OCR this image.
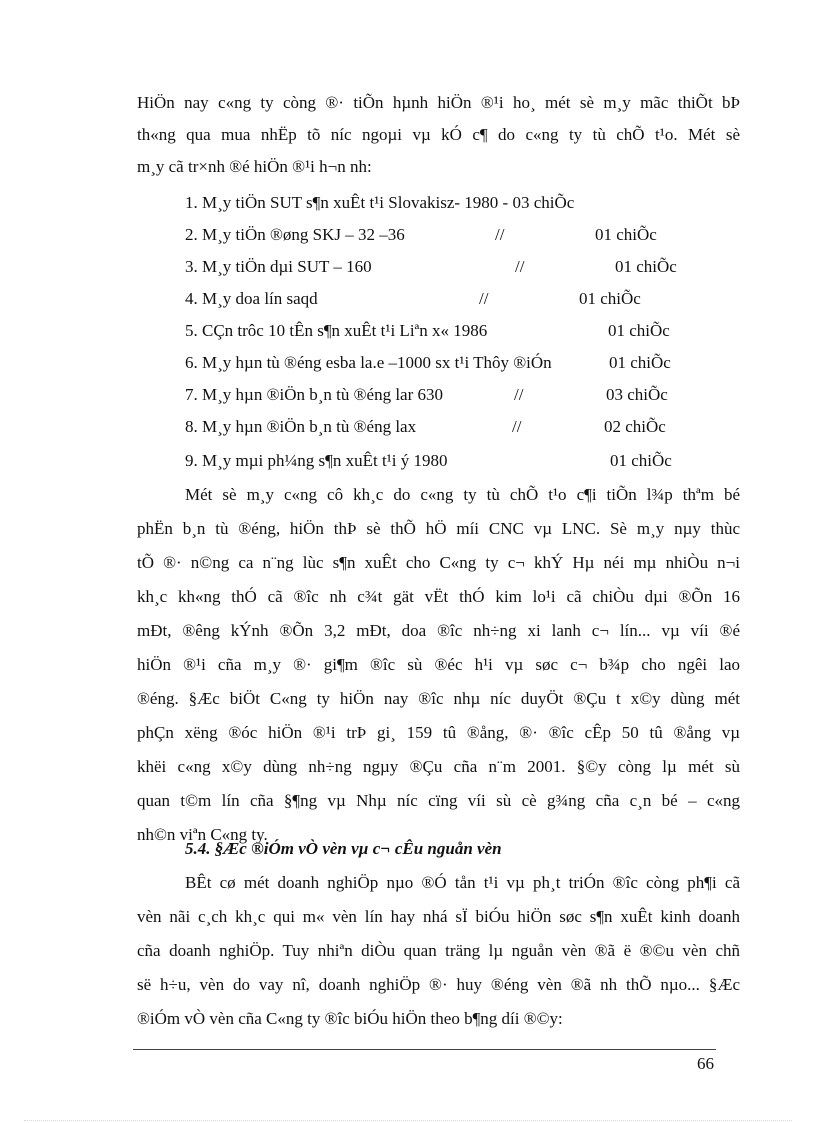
HiÖn nay c«ng ty còng ®· tiÕn hµnh hiÖn ®¹i ho¸ mét sè m¸y mãc thiÕt bÞ
th«ng qua mua nhËp tõ níc ngoµi vµ kÓ c¶ do c«ng ty tù chÕ t¹o. Mét sè
m¸y cã tr×nh ®é hiÖn ®¹i h¬n nh:
1. M¸y tiÖn SUT s¶n xuÊt t¹i Slovakisz- 1980 - 03 chiÕc
2. M¸y tiÖn ®øng SKJ – 32 –36	//	01 chiÕc
3. M¸y tiÖn dµi SUT – 160	//	01 chiÕc
4. M¸y doa lín saqd	//	01 chiÕc
5. CÇn trôc 10 tÊn s¶n xuÊt t¹i Liªn x« 1986	01 chiÕc
6. M¸y hµn tù ®éng esba la.e –1000 sx t¹i Thôy ®iÓn	01 chiÕc
7. M¸y hµn ®iÖn b¸n tù ®éng lar 630	//	03 chiÕc
8. M¸y hµn ®iÖn b¸n tù ®éng lax	//	02 chiÕc
9. M¸y mµi ph¼ng s¶n xuÊt t¹i ý 1980	01 chiÕc
Mét sè m¸y c«ng cô kh¸c do c«ng ty tù chÕ t¹o c¶i tiÕn l¾p thªm bé
phËn b¸n tù ®éng, hiÖn thÞ sè thÕ hÖ míi CNC vµ LNC. Sè m¸y nµy thùc
tÕ ®· n©ng ca n¨ng lùc s¶n xuÊt cho C«ng ty c¬ khÝ Hµ néi mµ nhiÒu n¬i
kh¸c kh«ng thÓ cã ®îc nh c¾t gät vËt thÓ kim lo¹i cã chiÒu dµi ®Õn 16
mÐt, ®êng kÝnh ®Õn 3,2 mÐt, doa ®îc nh÷ng xi lanh c¬ lín... vµ víi ®é
hiÖn ®¹i cña m¸y ®· gi¶m ®îc sù ®éc h¹i vµ søc c¬ b¾p cho ngêi lao
®éng. §Æc biÖt C«ng ty hiÖn nay ®îc nhµ níc duyÖt ®Çu t x©y dùng mét
phÇn xëng ®óc hiÖn ®¹i trÞ gi¸ 159 tû ®ång, ®· ®îc cÊp 50 tû ®ång vµ
khëi c«ng x©y dùng nh÷ng ngµy ®Çu cña n¨m 2001. §©y còng lµ mét sù
quan t©m lín cña §¶ng vµ Nhµ níc cïng víi sù cè g¾ng cña c¸n bé – c«ng
nh©n viªn C«ng ty.
5.4. §Æc ®iÓm vÒ vèn vµ c¬ cÊu nguån vèn
BÊt cø mét doanh nghiÖp nµo ®Ó tån t¹i vµ ph¸t triÓn ®îc còng ph¶i cã
vèn nãi c¸ch kh¸c qui m« vèn lín hay nhá sÏ biÓu hiÖn søc s¶n xuÊt kinh doanh
cña doanh nghiÖp. Tuy nhiªn diÒu quan träng lµ nguån vèn ®ã ë ®©u vèn chñ
së h÷u, vèn do vay nî, doanh nghiÖp ®· huy ®éng vèn ®ã nh thÕ nµo... §Æc
®iÓm vÒ vèn cña C«ng ty ®îc biÓu hiÖn theo b¶ng díi ®©y:
66
